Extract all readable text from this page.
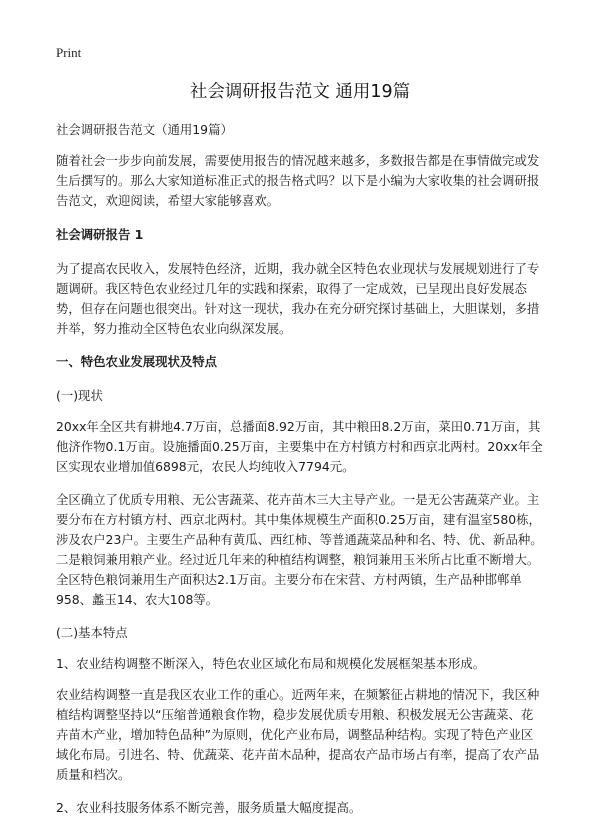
Print
社会调研报告范文 通用19篇

社会调研报告范文（通用19篇）

随着社会一步步向前发展，需要使用报告的情况越来越多，多数报告都是在事情做完或发生后撰写的。那么大家知道标准正式的报告格式吗？以下是小编为大家收集的社会调研报告范文，欢迎阅读，希望大家能够喜欢。

社会调研报告 1

为了提高农民收入，发展特色经济，近期，我办就全区特色农业现状与发展规划进行了专题调研。我区特色农业经过几年的实践和探索，取得了一定成效，已呈现出良好发展态势，但存在问题也很突出。针对这一现状，我办在充分研究探讨基础上，大胆谋划，多措并举，努力推动全区特色农业向纵深发展。

一、特色农业发展现状及特点

(一)现状

20xx年全区共有耕地4.7万亩，总播面8.92万亩，其中粮田8.2万亩，菜田0.71万亩，其他济作物0.1万亩。设施播面0.25万亩，主要集中在方村镇方村和西京北两村。20xx年全区实现农业增加值6898元，农民人均纯收入7794元。

全区确立了优质专用粮、无公害蔬菜、花卉苗木三大主导产业。一是无公害蔬菜产业。主要分布在方村镇方村、西京北两村。其中集体规模生产面积0.25万亩，建有温室580栋，涉及农户23户。主要生产品种有黄瓜、西红柿、等普通蔬菜品种和名、特、优、新品种。二是粮饲兼用粮产业。经过近几年来的种植结构调整，粮饲兼用玉米所占比重不断增大。全区特色粮饲兼用生产面积达2.1万亩。主要分布在宋营、方村两镇，生产品种邯郸单958、蠡玉14、农大108等。

(二)基本特点

1、农业结构调整不断深入，特色农业区域化布局和规模化发展框架基本形成。

农业结构调整一直是我区农业工作的重心。近两年来，在频繁征占耕地的情况下，我区种植结构调整坚持以“压缩普通粮食作物，稳步发展优质专用粮、积极发展无公害蔬菜、花卉苗木产业，增加特色品种”为原则，优化产业布局，调整品种结构。实现了特色产业区域化布局。引进名、特、优蔬菜、花卉苗木品种，提高农产品市场占有率，提高了农产品质量和档次。

2、农业科技服务体系不断完善，服务质量大幅度提高。
